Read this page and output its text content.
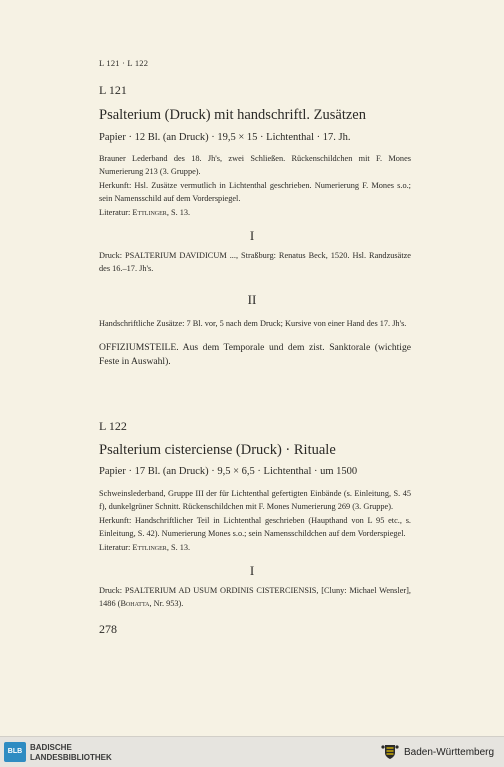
L 121 · L 122
L 121
Psalterium (Druck) mit handschriftl. Zusätzen
Papier · 12 Bl. (an Druck) · 19,5 × 15 · Lichtenthal · 17. Jh.
Brauner Lederband des 18. Jh's, zwei Schließen. Rückenschildchen mit F. Mones Numerierung 213 (3. Gruppe).
Herkunft: Hsl. Zusätze vermutlich in Lichtenthal geschrieben. Numerierung F. Mones s.o.; sein Namensschild auf dem Vorderspiegel.
Literatur: Ettlinger, S. 13.
I
Druck: PSALTERIUM DAVIDICUM ..., Straßburg: Renatus Beck, 1520. Hsl. Randzusätze des 16.–17. Jh's.
II
Handschriftliche Zusätze: 7 Bl. vor, 5 nach dem Druck; Kursive von einer Hand des 17. Jh's.
OFFIZIUMSTEILE. Aus dem Temporale und dem zist. Sanktorale (wichtige Feste in Auswahl).
L 122
Psalterium cisterciense (Druck) · Rituale
Papier · 17 Bl. (an Druck) · 9,5 × 6,5 · Lichtenthal · um 1500
Schweinslederband, Gruppe III der für Lichtenthal gefertigten Einbände (s. Einleitung, S. 45 f), dunkelgrüner Schnitt. Rückenschildchen mit F. Mones Numerierung 269 (3. Gruppe).
Herkunft: Handschriftlicher Teil in Lichtenthal geschrieben (Haupthand von L 95 etc., s. Einleitung, S. 42). Numerierung Mones s.o.; sein Namensschildchen auf dem Vorderspiegel.
Literatur: Ettlinger, S. 13.
I
Druck: PSALTERIUM AD USUM ORDINIS CISTERCIENSIS, [Cluny: Michael Wensler], 1486 (Bohatta, Nr. 953).
278
BLB BADISCHE
LANDESBIBLIOTHEK	Baden-Württemberg
